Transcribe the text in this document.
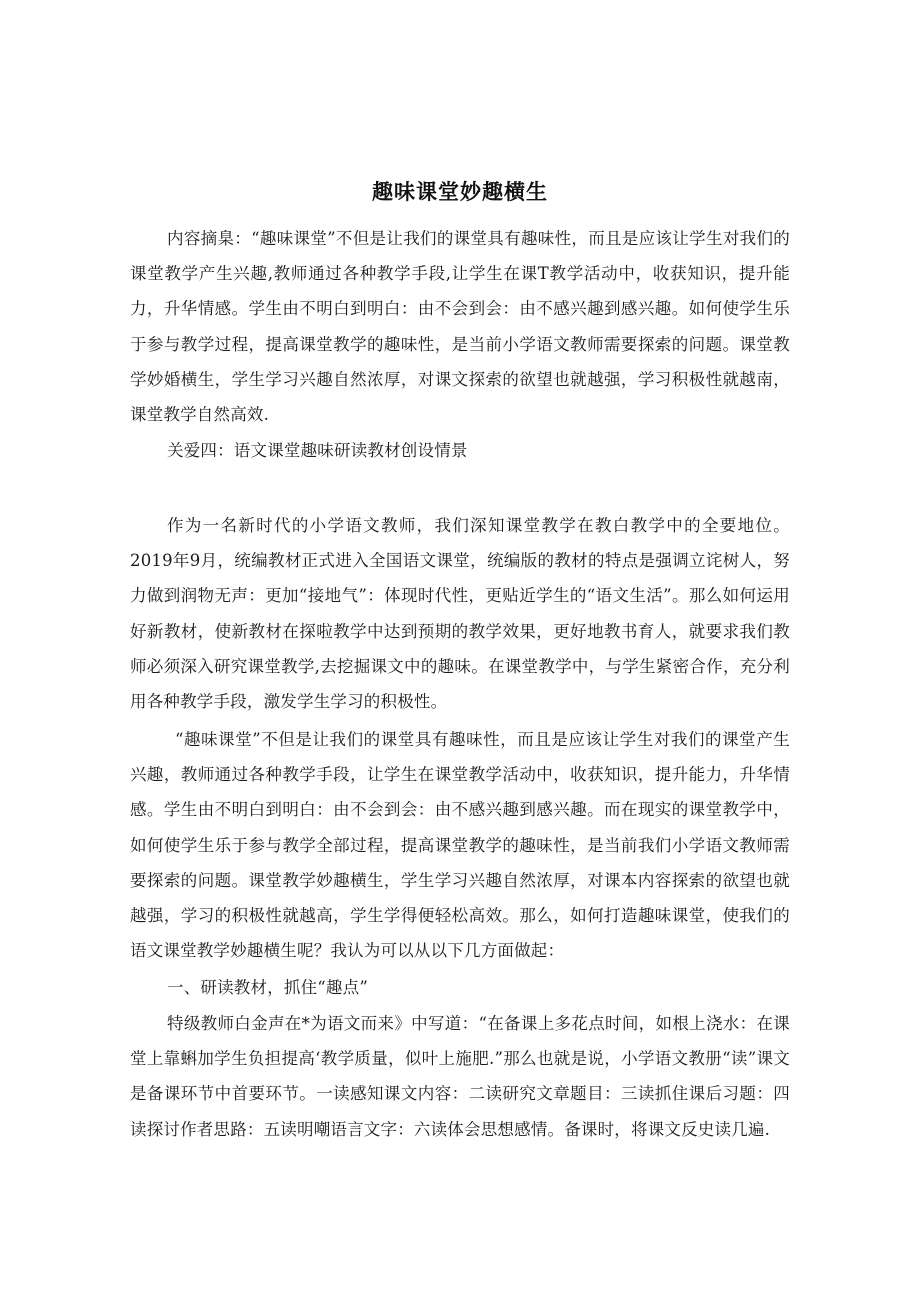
趣味课堂妙趣横生

内容摘臬：“趣味课堂”不但是让我们的课堂具有趣味性，而且是应该让学生对我们的课堂教学产生兴趣,教师通过各种教学手段,让学生在课T教学活动中，收获知识，提升能力，升华情感。学生由不明白到明白：由不会到会：由不感兴趣到感兴趣。如何使学生乐于参与教学过程，提高课堂教学的趣味性，是当前小学语文教师需要探索的问题。课堂教学妙婚横生，学生学习兴趣自然浓厚，对课文探索的欲望也就越强，学习积极性就越南，课堂教学自然高效.

关爱四：语文课堂趣味研读教材创设情景

作为一名新时代的小学语文教师，我们深知课堂教学在教白教学中的全要地位。2019年9月，统编教材正式进入全国语文课堂，统编版的教材的特点是强调立诧树人，努力做到润物无声：更加“接地气”：体现时代性，更贴近学生的“语文生活”。那么如何运用好新教材，使新教材在探啦教学中达到预期的教学效果，更好地教书育人，就要求我们教师必须深入研究课堂教学,去挖掘课文中的趣味。在课堂教学中，与学生紧密合作，充分利用各种教学手段，激发学生学习的积极性。

“趣味课堂”不但是让我们的课堂具有趣味性，而且是应该让学生对我们的课堂产生兴趣，教师通过各种教学手段，让学生在课堂教学活动中，收获知识，提升能力，升华情感。学生由不明白到明白：由不会到会：由不感兴趣到感兴趣。而在现实的课堂教学中，如何使学生乐于参与教学全部过程，提高课堂教学的趣味性，是当前我们小学语文教师需要探索的问题。课堂教学妙趣横生，学生学习兴趣自然浓厚，对课本内容探索的欲望也就越强，学习的积极性就越高，学生学得便轻松高效。那么，如何打造趣味课堂，使我们的语文课堂教学妙趣横生呢？我认为可以从以下几方面做起：

一、研读教材，抓住“趣点”

特级教师白金声在*为语文而来》中写道：“在备课上多花点时间，如根上浇水：在课堂上靠蝌加学生负担提高‘教学质量，似叶上施肥.”那么也就是说，小学语文教册“读”课文是备课环节中首要环节。一读感知课文内容：二读研究文章题目：三读抓住课后习题：四读探讨作者思路：五读明嘲语言文字：六读体会思想感情。备课时，将课文反史读几遍.
